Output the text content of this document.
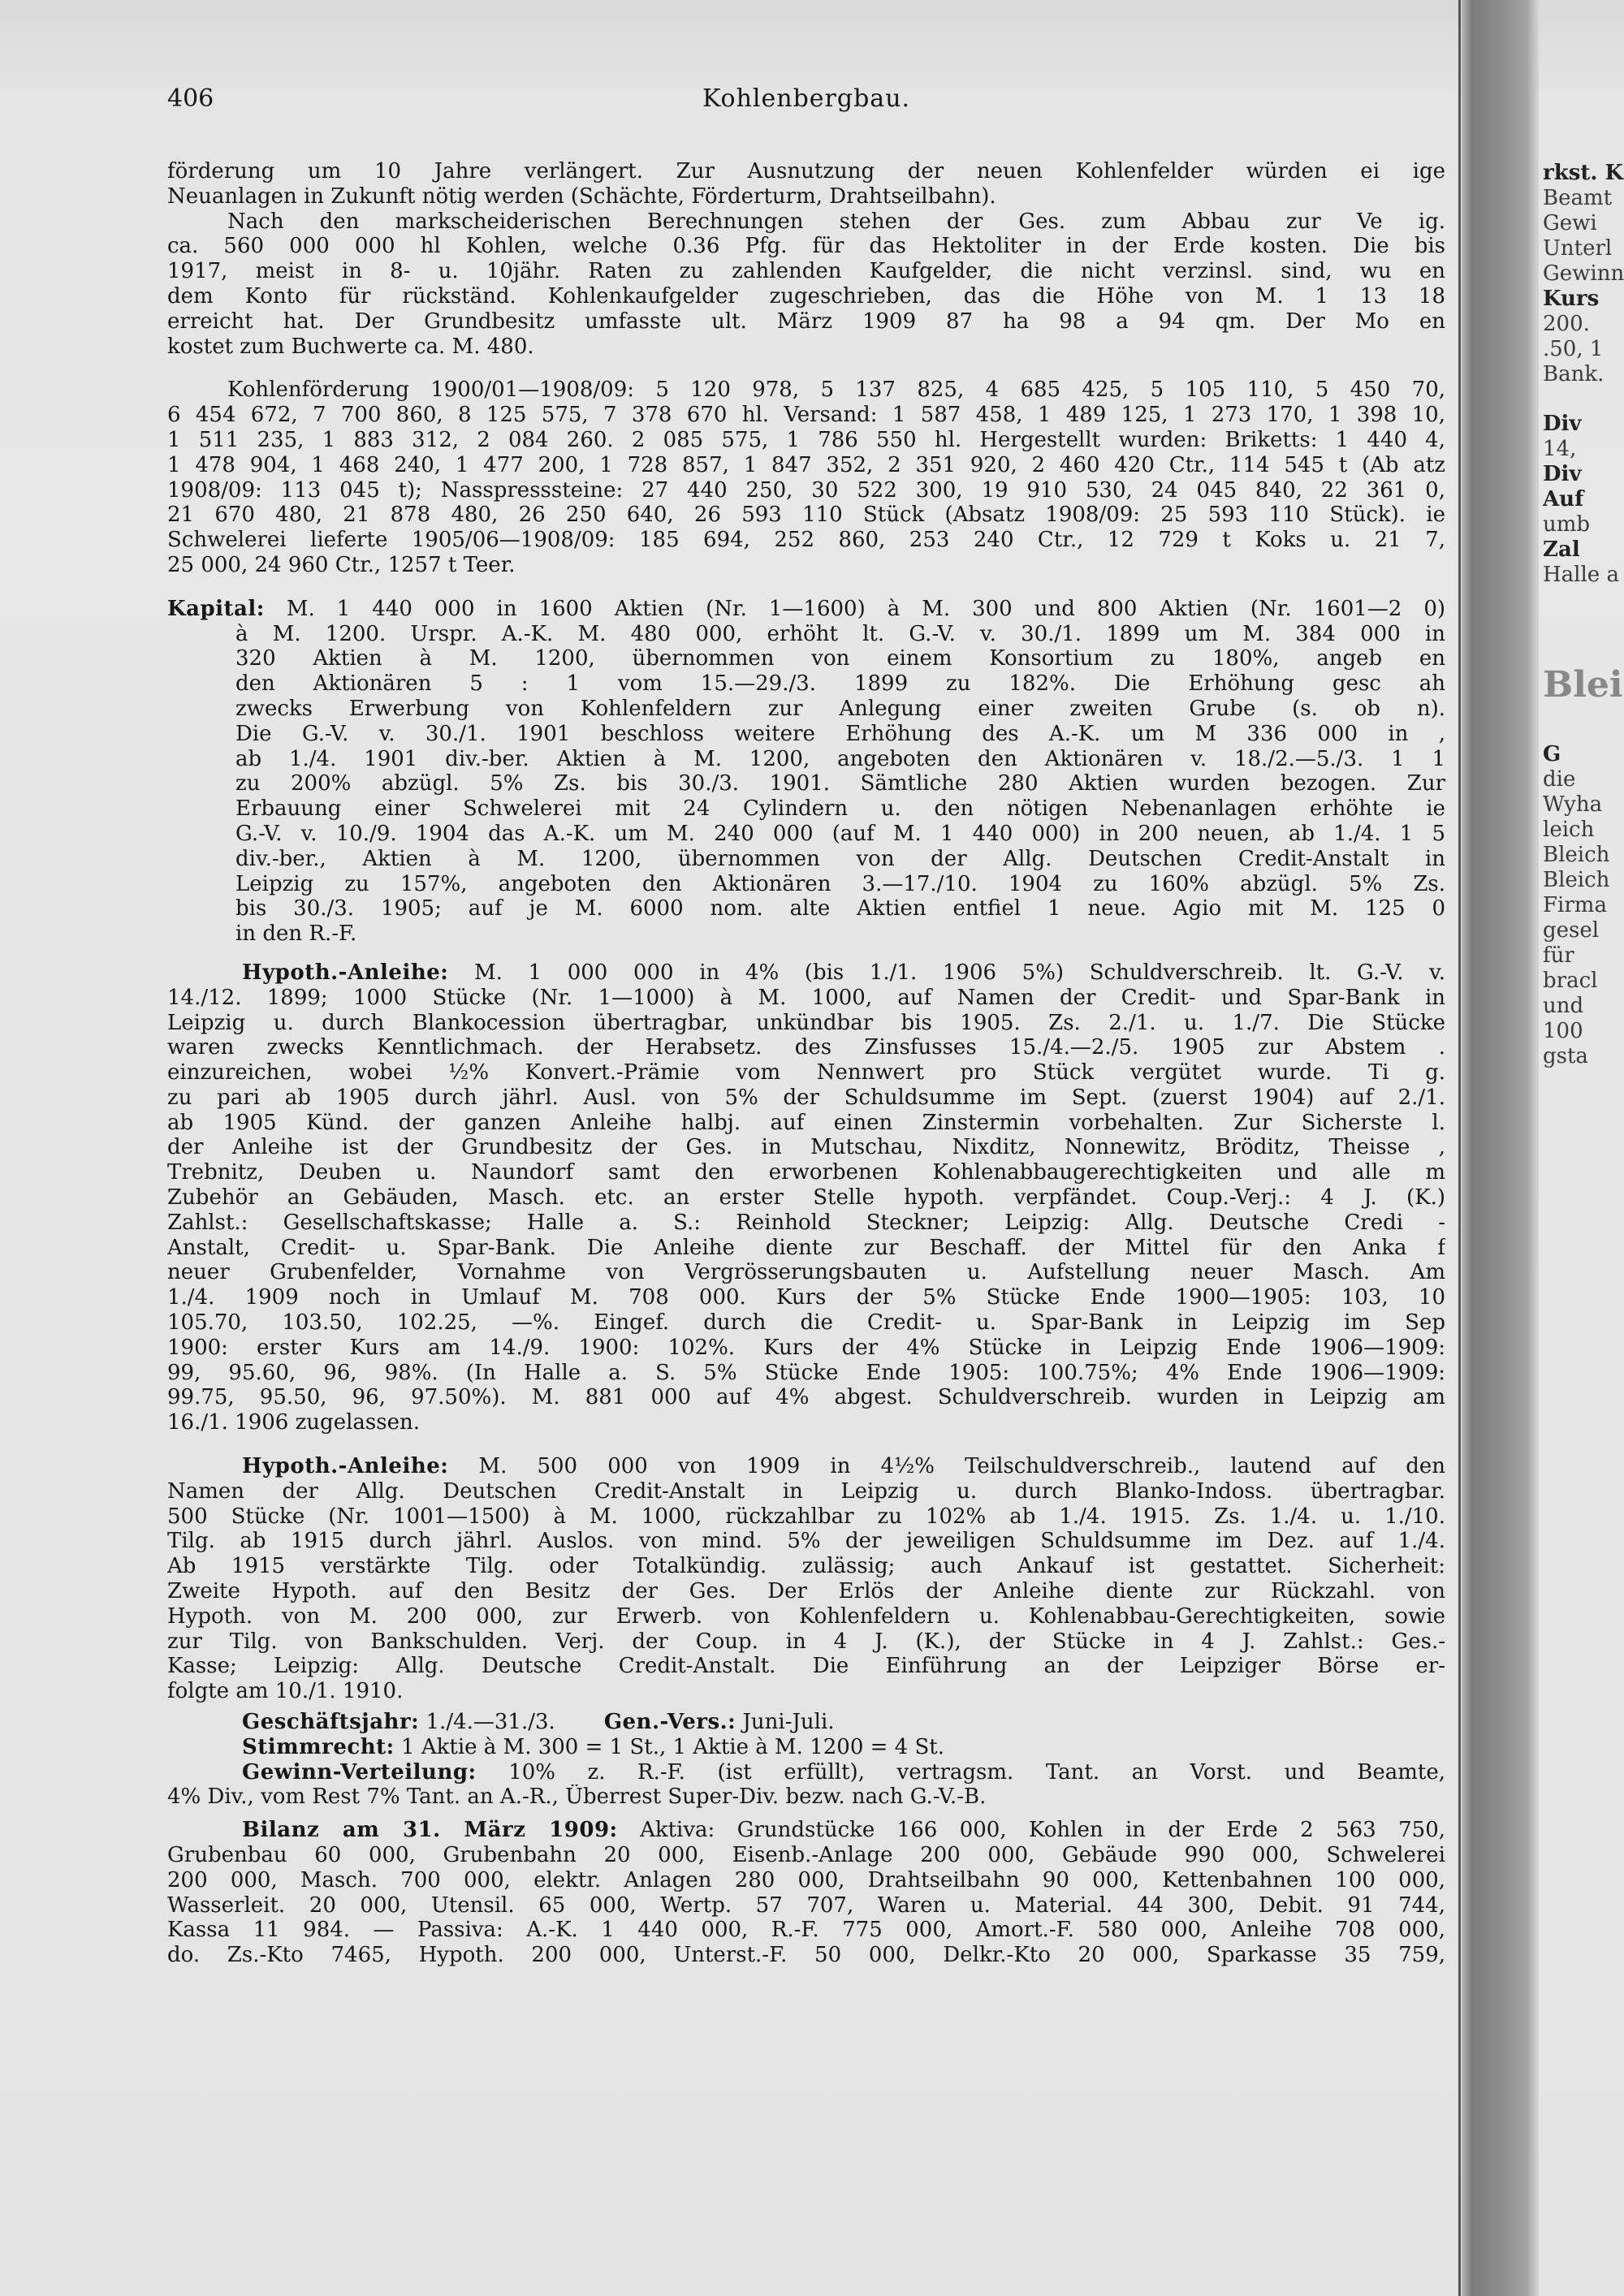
rkst. K
Beamt
Gewi
Unterl
Gewinn
Kurs
200.
.50, 1
Bank.
Div
14,
Div
Auf
umb
Zal
Halle a
Blei
G
die
Wyha
leich
Bleich
Bleich
Firma
gesel
für
bracl
und
100
gsta
406	Kohlenbergbau.
förderung um 10 Jahre verlängert. Zur Ausnutzung der neuen Kohlenfelder würden ei ige
Neuanlagen in Zukunft nötig werden (Schächte, Förderturm, Drahtseilbahn).
Nach den markscheiderischen Berechnungen stehen der Ges. zum Abbau zur Ve ig.
ca. 560 000 000 hl Kohlen, welche 0.36 Pfg. für das Hektoliter in der Erde kosten. Die bis
1917, meist in 8- u. 10jähr. Raten zu zahlenden Kaufgelder, die nicht verzinsl. sind, wu en
dem Konto für rückständ. Kohlenkaufgelder zugeschrieben, das die Höhe von M. 1 13 18
erreicht hat. Der Grundbesitz umfasste ult. März 1909 87 ha 98 a 94 qm. Der Mo en
kostet zum Buchwerte ca. M. 480.
Kohlenförderung 1900/01—1908/09: 5 120 978, 5 137 825, 4 685 425, 5 105 110, 5 450 70,
6 454 672, 7 700 860, 8 125 575, 7 378 670 hl. Versand: 1 587 458, 1 489 125, 1 273 170, 1 398 10,
1 511 235, 1 883 312, 2 084 260. 2 085 575, 1 786 550 hl. Hergestellt wurden: Briketts: 1 440 4,
1 478 904, 1 468 240, 1 477 200, 1 728 857, 1 847 352, 2 351 920, 2 460 420 Ctr., 114 545 t (Ab atz
1908/09: 113 045 t); Nasspresssteine: 27 440 250, 30 522 300, 19 910 530, 24 045 840, 22 361 0,
21 670 480, 21 878 480, 26 250 640, 26 593 110 Stück (Absatz 1908/09: 25 593 110 Stück). ie
Schwelerei lieferte 1905/06—1908/09: 185 694, 252 860, 253 240 Ctr., 12 729 t Koks u. 21 7,
25 000, 24 960 Ctr., 1257 t Teer.
Kapital: M. 1 440 000 in 1600 Aktien (Nr. 1—1600) à M. 300 und 800 Aktien (Nr. 1601—2 0)
à M. 1200. Urspr. A.-K. M. 480 000, erhöht lt. G.-V. v. 30./1. 1899 um M. 384 000 in
320 Aktien à M. 1200, übernommen von einem Konsortium zu 180%, angeb en
den Aktionären 5 : 1 vom 15.—29./3. 1899 zu 182%. Die Erhöhung gesc ah
zwecks Erwerbung von Kohlenfeldern zur Anlegung einer zweiten Grube (s. ob n).
Die G.-V. v. 30./1. 1901 beschloss weitere Erhöhung des A.-K. um M 336 000 in ,
ab 1./4. 1901 div.-ber. Aktien à M. 1200, angeboten den Aktionären v. 18./2.—5./3. 1 1
zu 200% abzügl. 5% Zs. bis 30./3. 1901. Sämtliche 280 Aktien wurden bezogen. Zur
Erbauung einer Schwelerei mit 24 Cylindern u. den nötigen Nebenanlagen erhöhte ie
G.-V. v. 10./9. 1904 das A.-K. um M. 240 000 (auf M. 1 440 000) in 200 neuen, ab 1./4. 1 5
div.-ber., Aktien à M. 1200, übernommen von der Allg. Deutschen Credit-Anstalt in
Leipzig zu 157%, angeboten den Aktionären 3.—17./10. 1904 zu 160% abzügl. 5% Zs.
bis 30./3. 1905; auf je M. 6000 nom. alte Aktien entfiel 1 neue. Agio mit M. 125 0
in den R.-F.
Hypoth.-Anleihe: M. 1 000 000 in 4% (bis 1./1. 1906 5%) Schuldverschreib. lt. G.-V. v.
14./12. 1899; 1000 Stücke (Nr. 1—1000) à M. 1000, auf Namen der Credit- und Spar-Bank in
Leipzig u. durch Blankocession übertragbar, unkündbar bis 1905. Zs. 2./1. u. 1./7. Die Stücke
waren zwecks Kenntlichmach. der Herabsetz. des Zinsfusses 15./4.—2./5. 1905 zur Abstem .
einzureichen, wobei ½% Konvert.-Prämie vom Nennwert pro Stück vergütet wurde. Ti g.
zu pari ab 1905 durch jährl. Ausl. von 5% der Schuldsumme im Sept. (zuerst 1904) auf 2./1.
ab 1905 Künd. der ganzen Anleihe halbj. auf einen Zinstermin vorbehalten. Zur Sicherste l.
der Anleihe ist der Grundbesitz der Ges. in Mutschau, Nixditz, Nonnewitz, Bröditz, Theisse ,
Trebnitz, Deuben u. Naundorf samt den erworbenen Kohlenabbaugerechtigkeiten und alle m
Zubehör an Gebäuden, Masch. etc. an erster Stelle hypoth. verpfändet. Coup.-Verj.: 4 J. (K.)
Zahlst.: Gesellschaftskasse; Halle a. S.: Reinhold Steckner; Leipzig: Allg. Deutsche Credi -
Anstalt, Credit- u. Spar-Bank. Die Anleihe diente zur Beschaff. der Mittel für den Anka f
neuer Grubenfelder, Vornahme von Vergrösserungsbauten u. Aufstellung neuer Masch. Am
1./4. 1909 noch in Umlauf M. 708 000. Kurs der 5% Stücke Ende 1900—1905: 103, 10
105.70, 103.50, 102.25, —%. Eingef. durch die Credit- u. Spar-Bank in Leipzig im Sep
1900: erster Kurs am 14./9. 1900: 102%. Kurs der 4% Stücke in Leipzig Ende 1906—1909:
99, 95.60, 96, 98%. (In Halle a. S. 5% Stücke Ende 1905: 100.75%; 4% Ende 1906—1909:
99.75, 95.50, 96, 97.50%). M. 881 000 auf 4% abgest. Schuldverschreib. wurden in Leipzig am
16./1. 1906 zugelassen.
Hypoth.-Anleihe: M. 500 000 von 1909 in 4½% Teilschuldverschreib., lautend auf den
Namen der Allg. Deutschen Credit-Anstalt in Leipzig u. durch Blanko-Indoss. übertragbar.
500 Stücke (Nr. 1001—1500) à M. 1000, rückzahlbar zu 102% ab 1./4. 1915. Zs. 1./4. u. 1./10.
Tilg. ab 1915 durch jährl. Auslos. von mind. 5% der jeweiligen Schuldsumme im Dez. auf 1./4.
Ab 1915 verstärkte Tilg. oder Totalkündig. zulässig; auch Ankauf ist gestattet. Sicherheit:
Zweite Hypoth. auf den Besitz der Ges. Der Erlös der Anleihe diente zur Rückzahl. von
Hypoth. von M. 200 000, zur Erwerb. von Kohlenfeldern u. Kohlenabbau-Gerechtigkeiten, sowie
zur Tilg. von Bankschulden. Verj. der Coup. in 4 J. (K.), der Stücke in 4 J. Zahlst.: Ges.-
Kasse; Leipzig: Allg. Deutsche Credit-Anstalt. Die Einführung an der Leipziger Börse er-
folgte am 10./1. 1910.
Geschäftsjahr: 1./4.—31./3. Gen.-Vers.: Juni-Juli.
Stimmrecht: 1 Aktie à M. 300 = 1 St., 1 Aktie à M. 1200 = 4 St.
Gewinn-Verteilung: 10% z. R.-F. (ist erfüllt), vertragsm. Tant. an Vorst. und Beamte,
4% Div., vom Rest 7% Tant. an A.-R., Überrest Super-Div. bezw. nach G.-V.-B.
Bilanz am 31. März 1909: Aktiva: Grundstücke 166 000, Kohlen in der Erde 2 563 750,
Grubenbau 60 000, Grubenbahn 20 000, Eisenb.-Anlage 200 000, Gebäude 990 000, Schwelerei
200 000, Masch. 700 000, elektr. Anlagen 280 000, Drahtseilbahn 90 000, Kettenbahnen 100 000,
Wasserleit. 20 000, Utensil. 65 000, Wertp. 57 707, Waren u. Material. 44 300, Debit. 91 744,
Kassa 11 984. — Passiva: A.-K. 1 440 000, R.-F. 775 000, Amort.-F. 580 000, Anleihe 708 000,
do. Zs.-Kto 7465, Hypoth. 200 000, Unterst.-F. 50 000, Delkr.-Kto 20 000, Sparkasse 35 759,
